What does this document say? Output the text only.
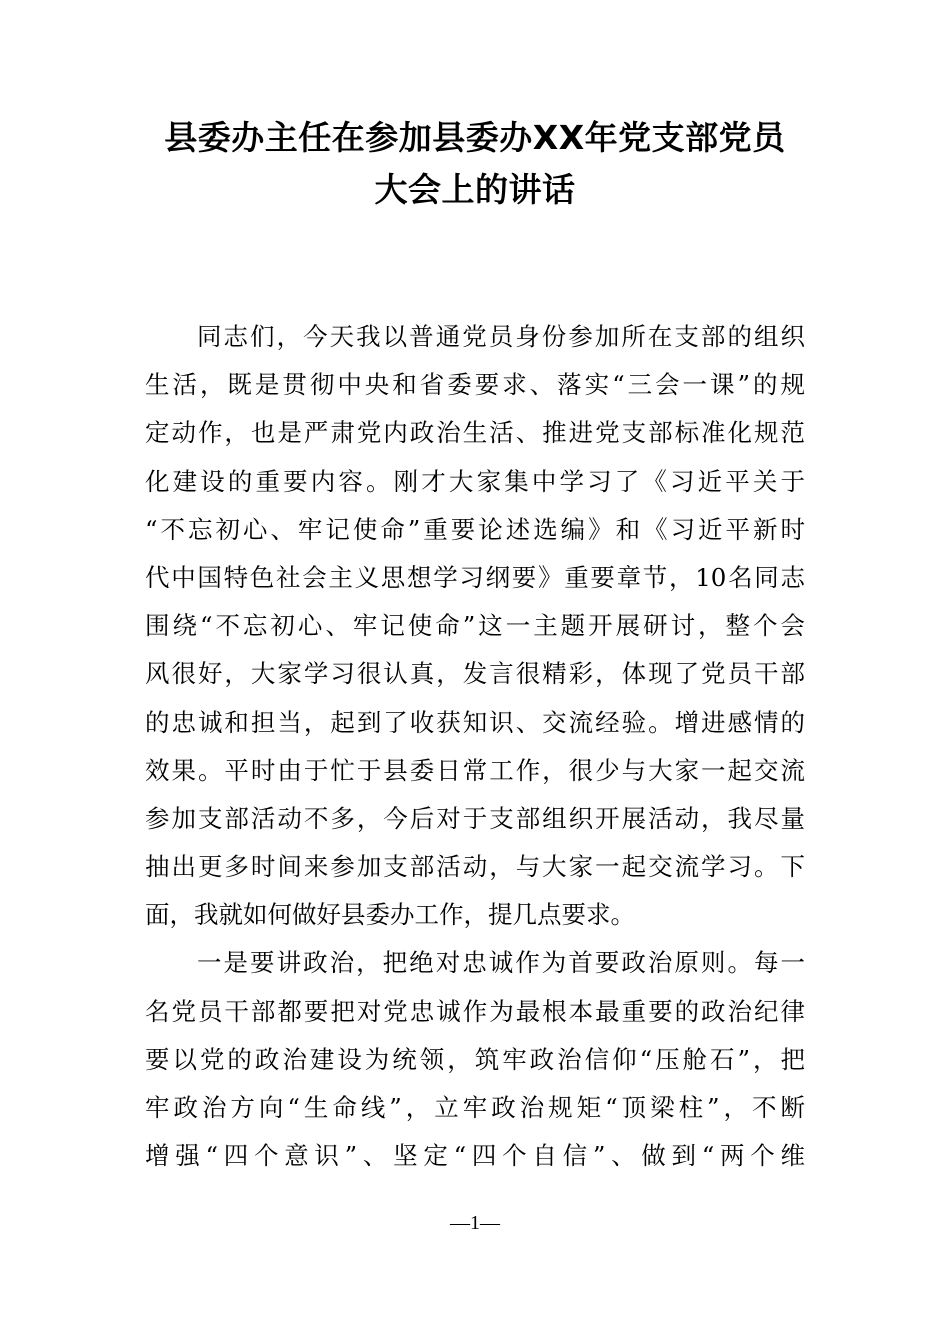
县委办主任在参加县委办XX年党支部党员
大会上的讲话
同志们，今天我以普通党员身份参加所在支部的组织
生活，既是贯彻中央和省委要求、落实“三会一课”的规
定动作，也是严肃党内政治生活、推进党支部标准化规范
化建设的重要内容。刚才大家集中学习了《习近平关于
“不忘初心、牢记使命”重要论述选编》和《习近平新时
代中国特色社会主义思想学习纲要》重要章节，10名同志
围绕“不忘初心、牢记使命”这一主题开展研讨，整个会
风很好，大家学习很认真，发言很精彩，体现了党员干部
的忠诚和担当，起到了收获知识、交流经验。增进感情的
效果。平时由于忙于县委日常工作，很少与大家一起交流
参加支部活动不多，今后对于支部组织开展活动，我尽量
抽出更多时间来参加支部活动，与大家一起交流学习。下
面，我就如何做好县委办工作，提几点要求。
一是要讲政治，把绝对忠诚作为首要政治原则。每一
名党员干部都要把对党忠诚作为最根本最重要的政治纪律
要以党的政治建设为统领，筑牢政治信仰“压舱石”，把
牢政治方向“生命线”，立牢政治规矩“顶梁柱”，不断
增强“四个意识”、坚定“四个自信”、做到“两个维
—1—
